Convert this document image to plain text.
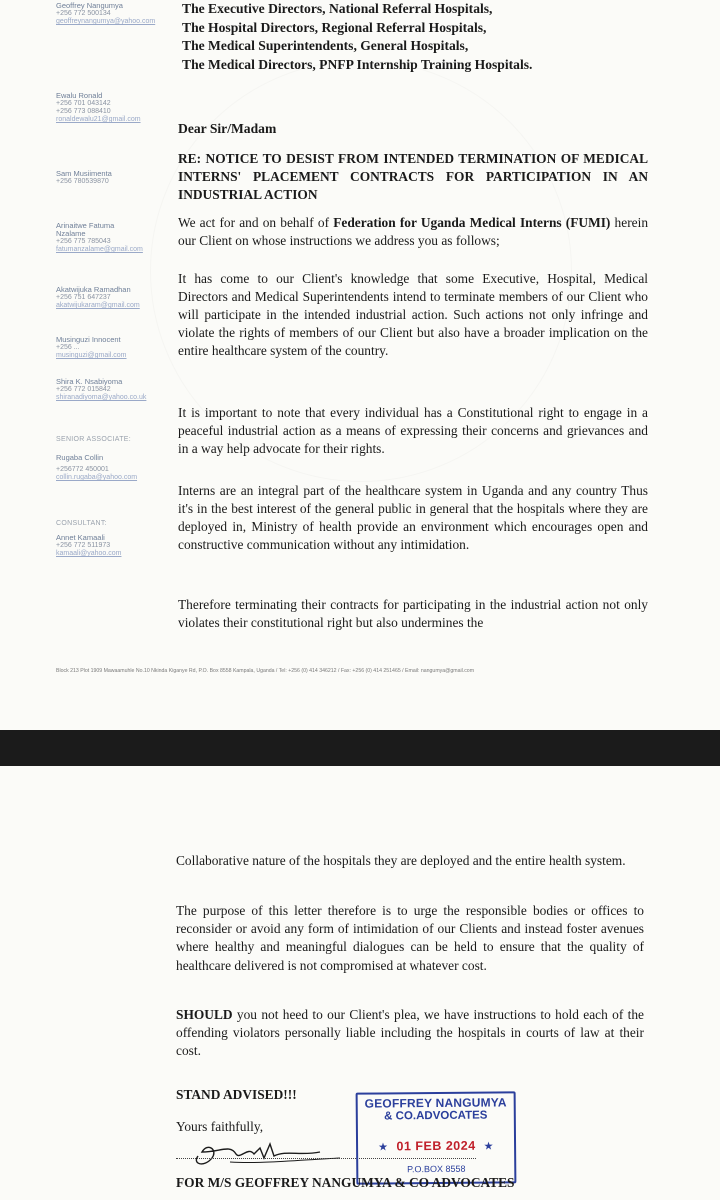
Geoffrey Nangumya
+256 772 500134
geoffreynangumya@yahoo.com
Ewalu Ronald
+256 701 043142
+256 773 088410
ronaldewalu21@gmail.com
Sam Musiimenta
+256 780539870
Arinaitwe Fatuma Nzalame
+256 775 785043
fatumanzalame@gmail.com
Akatwijuka Ramadhan
+256 751 647237
akatwijukaram@gmail.com
Musinguzi Innocent
+256 ...
musinguzi@gmail.com
Shira K. Nsabiyoma
+256 772 015842
shiranadiyoma@yahoo.co.uk
SENIOR ASSOCIATE:
Rugaba Collin
+256772 450001
collin.rugaba@yahoo.com
CONSULTANT:
Annet Kamaali
+256 772 511973
kamaali@yahoo.com
The Executive Directors, National Referral Hospitals,
The Hospital Directors, Regional Referral Hospitals,
The Medical Superintendents, General Hospitals,
The Medical Directors, PNFP Internship Training Hospitals.
Dear Sir/Madam
RE: NOTICE TO DESIST FROM INTENDED TERMINATION OF MEDICAL INTERNS' PLACEMENT CONTRACTS FOR PARTICIPATION IN AN INDUSTRIAL ACTION
We act for and on behalf of Federation for Uganda Medical Interns (FUMI) herein our Client on whose instructions we address you as follows;
It has come to our Client's knowledge that some Executive, Hospital, Medical Directors and Medical Superintendents intend to terminate members of our Client who will participate in the intended industrial action. Such actions not only infringe and violate the rights of members of our Client but also have a broader implication on the entire healthcare system of the country.
It is important to note that every individual has a Constitutional right to engage in a peaceful industrial action as a means of expressing their concerns and grievances and in a way help advocate for their rights.
Interns are an integral part of the healthcare system in Uganda and any country Thus it's in the best interest of the general public in general that the hospitals where they are deployed in, Ministry of health provide an environment which encourages open and constructive communication without any intimidation.
Therefore terminating their contracts for participating in the industrial action not only violates their constitutional right but also undermines the
Block 213 Plot 1909 Mawaamuhle No.10 Nkinda Kiganye Rd, P.O. Box 8558 Kampala, Uganda / Tel: +256 (0) 414 346212 / Fax: +256 (0) 414 251465 / Email: nangumya@gmail.com
Collaborative nature of the hospitals they are deployed and the entire health system.
The purpose of this letter therefore is to urge the responsible bodies or offices to reconsider or avoid any form of intimidation of our Clients and instead foster avenues where healthy and meaningful dialogues can be held to ensure that the quality of healthcare delivered is not compromised at whatever cost.
SHOULD you not heed to our Client's plea, we have instructions to hold each of the offending violators personally liable including the hospitals in courts of law at their cost.
STAND ADVISED!!!
Yours faithfully,
GEOFFREY NANGUMYA
& CO.ADVOCATES
★ 01 FEB 2024 ★
P.O.BOX 8558
FOR M/S GEOFFREY NANGUMYA & CO ADVOCATES
